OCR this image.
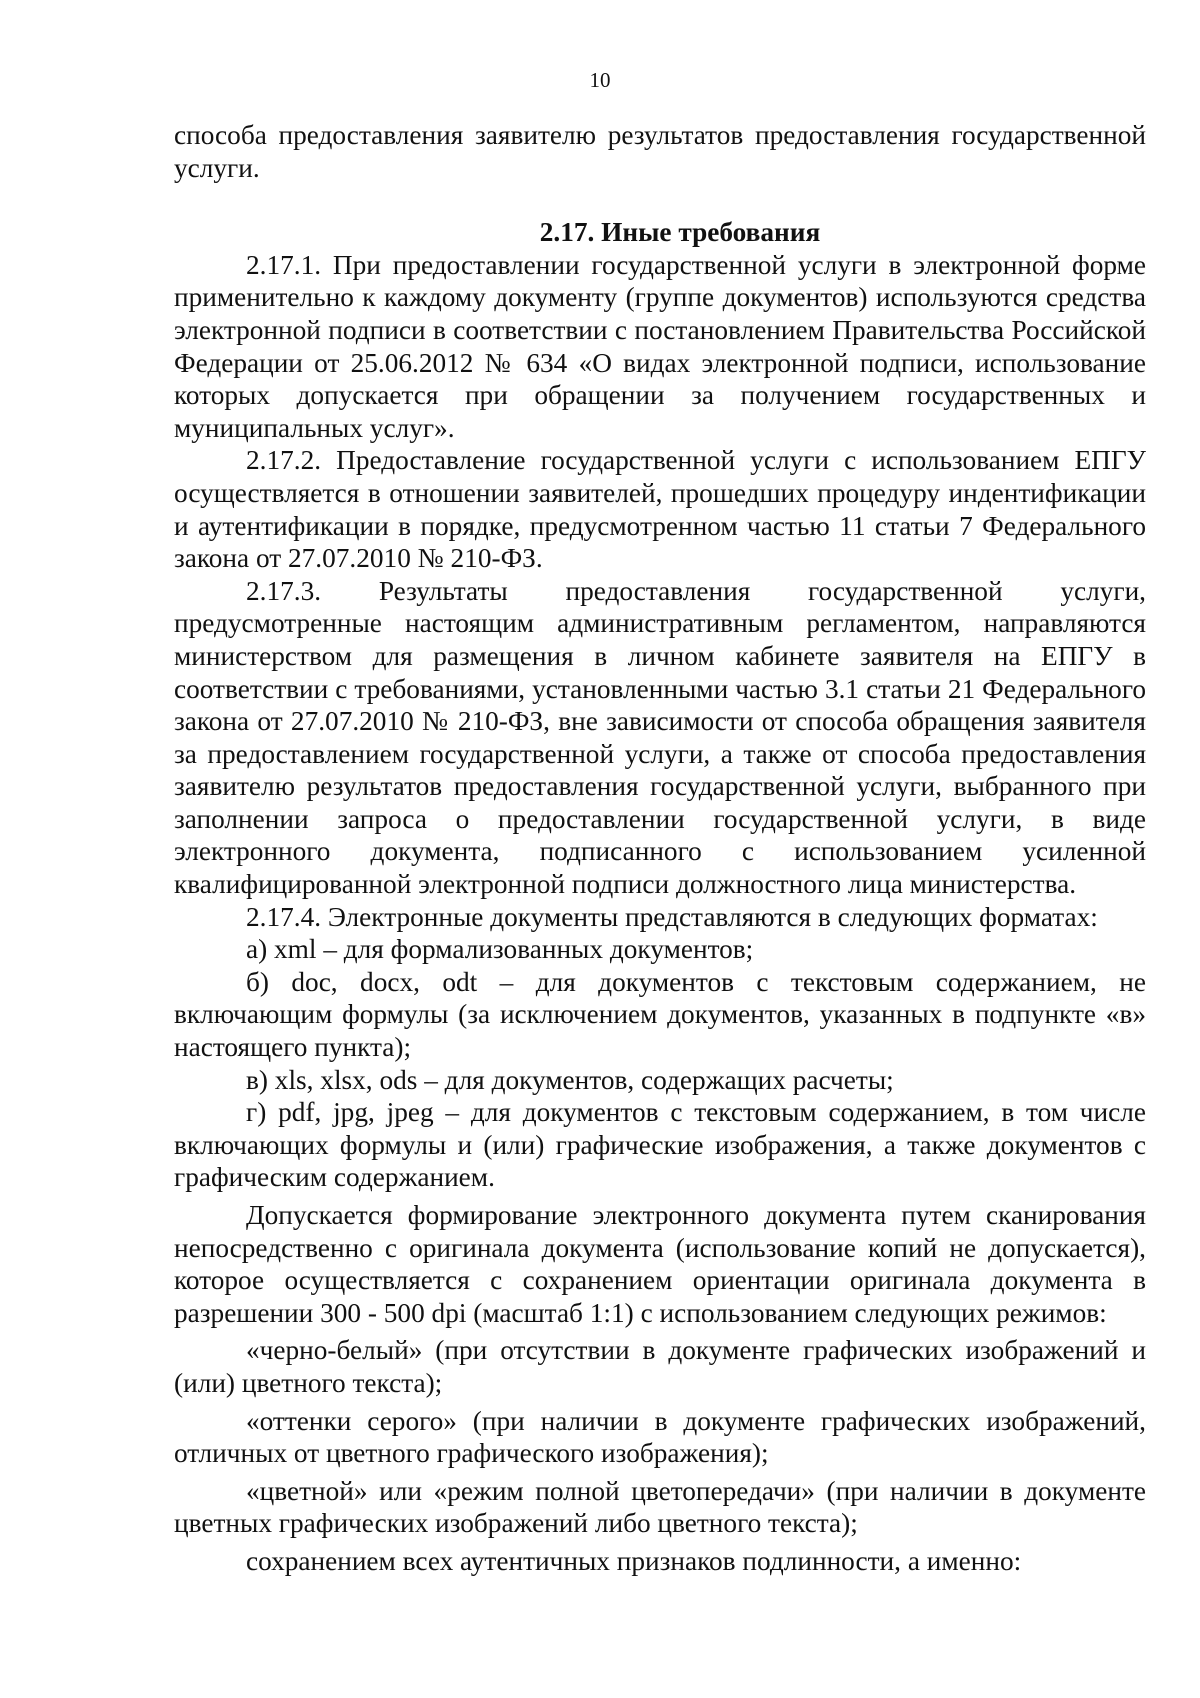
10

способа предоставления заявителю результатов предоставления государственной услуги.

2.17. Иные требования

2.17.1. При предоставлении государственной услуги в электронной форме применительно к каждому документу (группе документов) используются средства электронной подписи в соответствии с постановлением Правительства Российской Федерации от 25.06.2012 № 634 «О видах электронной подписи, использование которых допускается при обращении за получением государственных и муниципальных услуг».

2.17.2. Предоставление государственной услуги с использованием ЕПГУ осуществляется в отношении заявителей, прошедших процедуру индентификации и аутентификации в порядке, предусмотренном частью 11 статьи 7 Федерального закона от 27.07.2010 № 210-ФЗ.

2.17.3. Результаты предоставления государственной услуги, предусмотренные настоящим административным регламентом, направляются министерством для размещения в личном кабинете заявителя на ЕПГУ в соответствии с требованиями, установленными частью 3.1 статьи 21 Федерального закона от 27.07.2010 № 210-ФЗ, вне зависимости от способа обращения заявителя за предоставлением государственной услуги, а также от способа предоставления заявителю результатов предоставления государственной услуги, выбранного при заполнении запроса о предоставлении государственной услуги, в виде электронного документа, подписанного с использованием усиленной квалифицированной электронной подписи должностного лица министерства.

2.17.4. Электронные документы представляются в следующих форматах:

а) xml – для формализованных документов;

б) doc, docx, odt – для документов с текстовым содержанием, не включающим формулы (за исключением документов, указанных в подпункте «в» настоящего пункта);

в) xls, xlsx, ods – для документов, содержащих расчеты;

г) pdf, jpg, jpeg – для документов с текстовым содержанием, в том числе включающих формулы и (или) графические изображения, а также документов с графическим содержанием.

Допускается формирование электронного документа путем сканирования непосредственно с оригинала документа (использование копий не допускается), которое осуществляется с сохранением ориентации оригинала документа в разрешении 300 - 500 dpi (масштаб 1:1) с использованием следующих режимов:

«черно-белый» (при отсутствии в документе графических изображений и (или) цветного текста);

«оттенки серого» (при наличии в документе графических изображений, отличных от цветного графического изображения);

«цветной» или «режим полной цветопередачи» (при наличии в документе цветных графических изображений либо цветного текста);

сохранением всех аутентичных признаков подлинности, а именно:
